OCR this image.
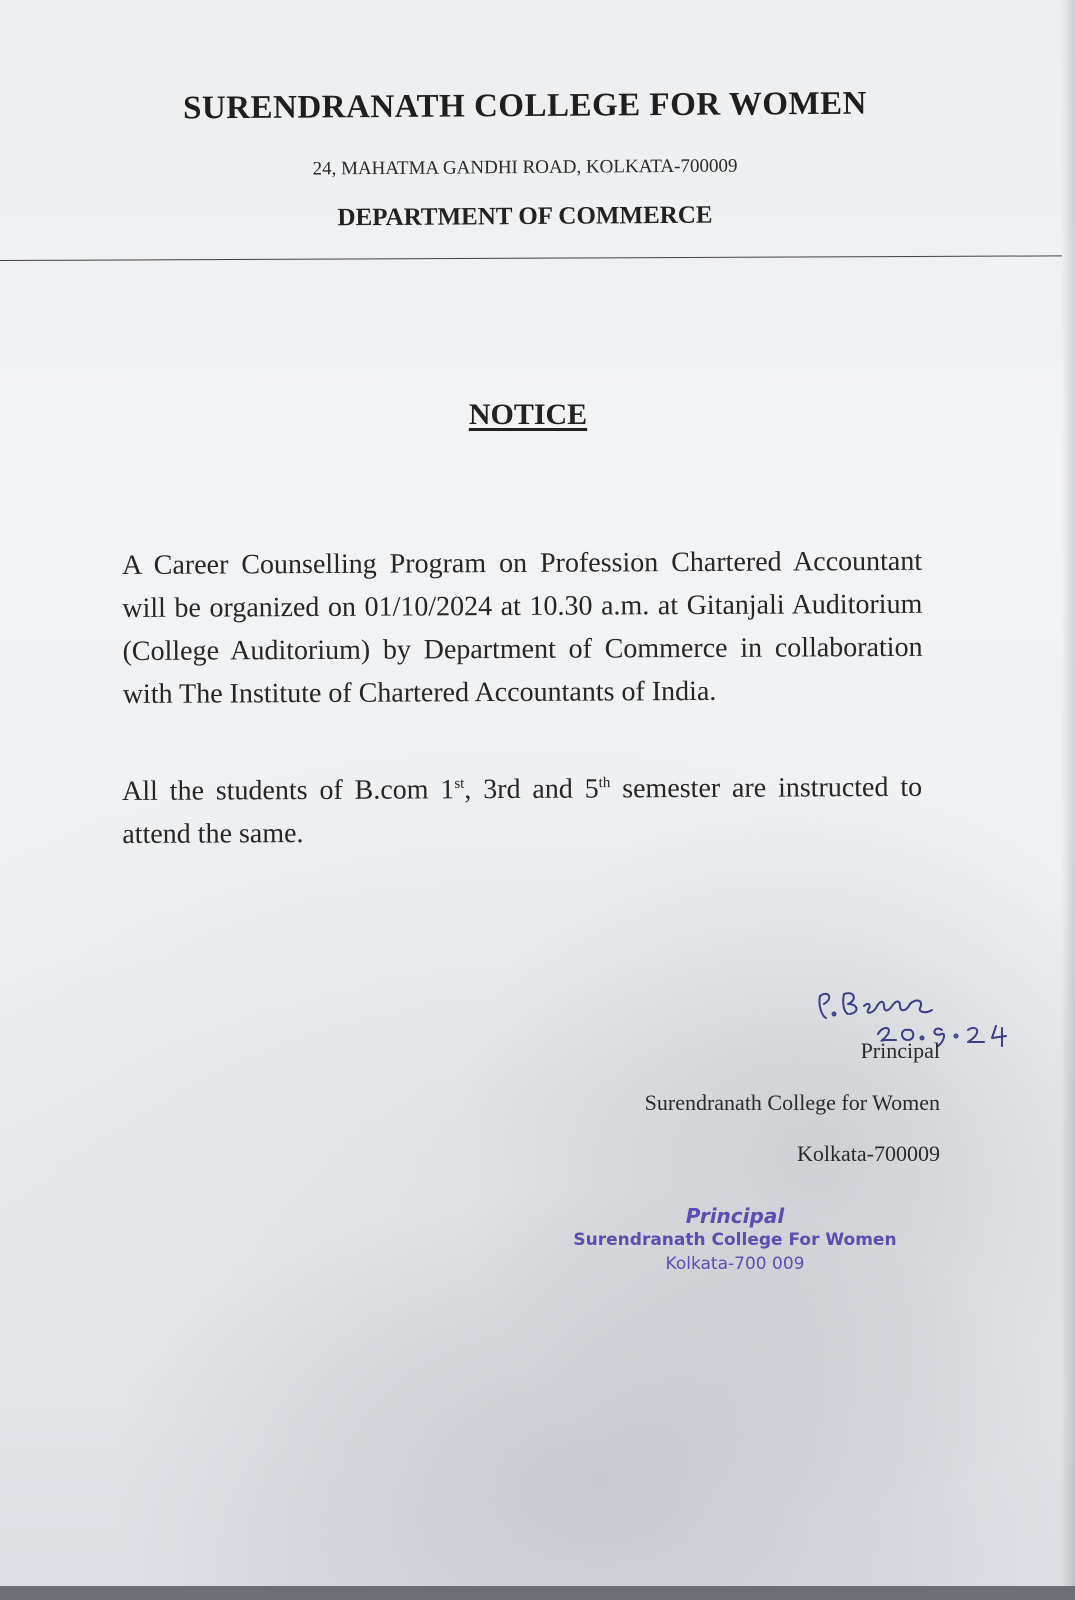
SURENDRANATH COLLEGE FOR WOMEN
24, MAHATMA GANDHI ROAD, KOLKATA-700009
DEPARTMENT OF COMMERCE
NOTICE
A Career Counselling Program on Profession Chartered Accountant will be organized on 01/10/2024 at 10.30 a.m. at Gitanjali Auditorium (College Auditorium) by Department of Commerce in collaboration with The Institute of Chartered Accountants of India.
All the students of B.com 1st, 3rd and 5th semester are instructed to attend the same.
Principal
Surendranath College for Women
Kolkata-700009
Principal
Surendranath College For Women
Kolkata-700 009
